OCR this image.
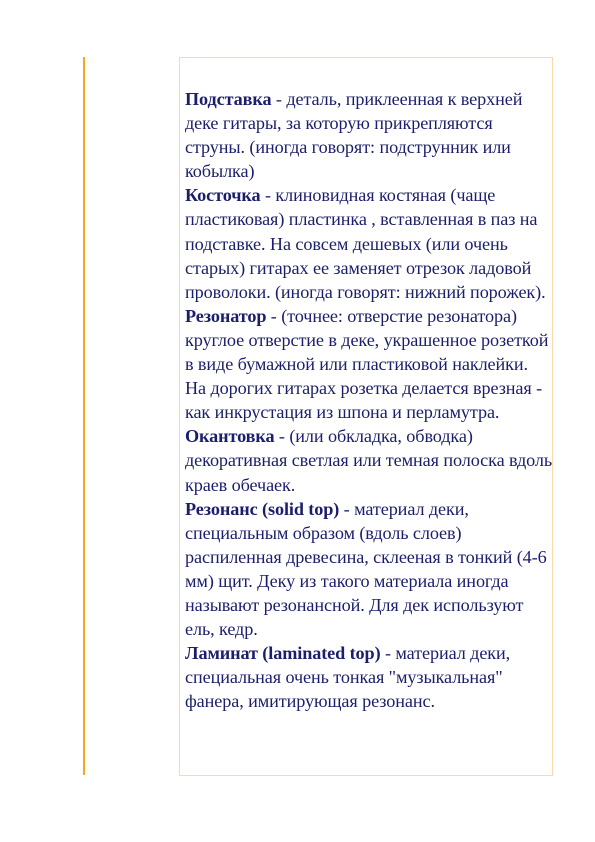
Подставка - деталь, приклеенная к верхней деке гитары, за которую прикрепляются струны. (иногда говорят: подструнник или кобылка)

Косточка - клиновидная костяная (чаще пластиковая) пластинка , вставленная в паз на подставке. На совсем дешевых (или очень старых) гитарах ее заменяет отрезок ладовой проволоки. (иногда говорят: нижний порожек).

Резонатор - (точнее: отверстие резонатора) круглое отверстие в деке, украшенное розеткой в виде бумажной или пластиковой наклейки. На дорогих гитарах розетка делается врезная - как инкрустация из шпона и перламутра.

Окантовка - (или обкладка, обводка) декоративная светлая или темная полоска вдоль краев обечаек.

Резонанс (solid top) - материал деки, специальным образом (вдоль слоев) распиленная древесина, склееная в тонкий (4-6 мм) щит. Деку из такого материала иногда называют резонансной. Для дек используют ель, кедр.

Ламинат (laminated top) - материал деки, специальная очень тонкая "музыкальная" фанера, имитирующая резонанс.
